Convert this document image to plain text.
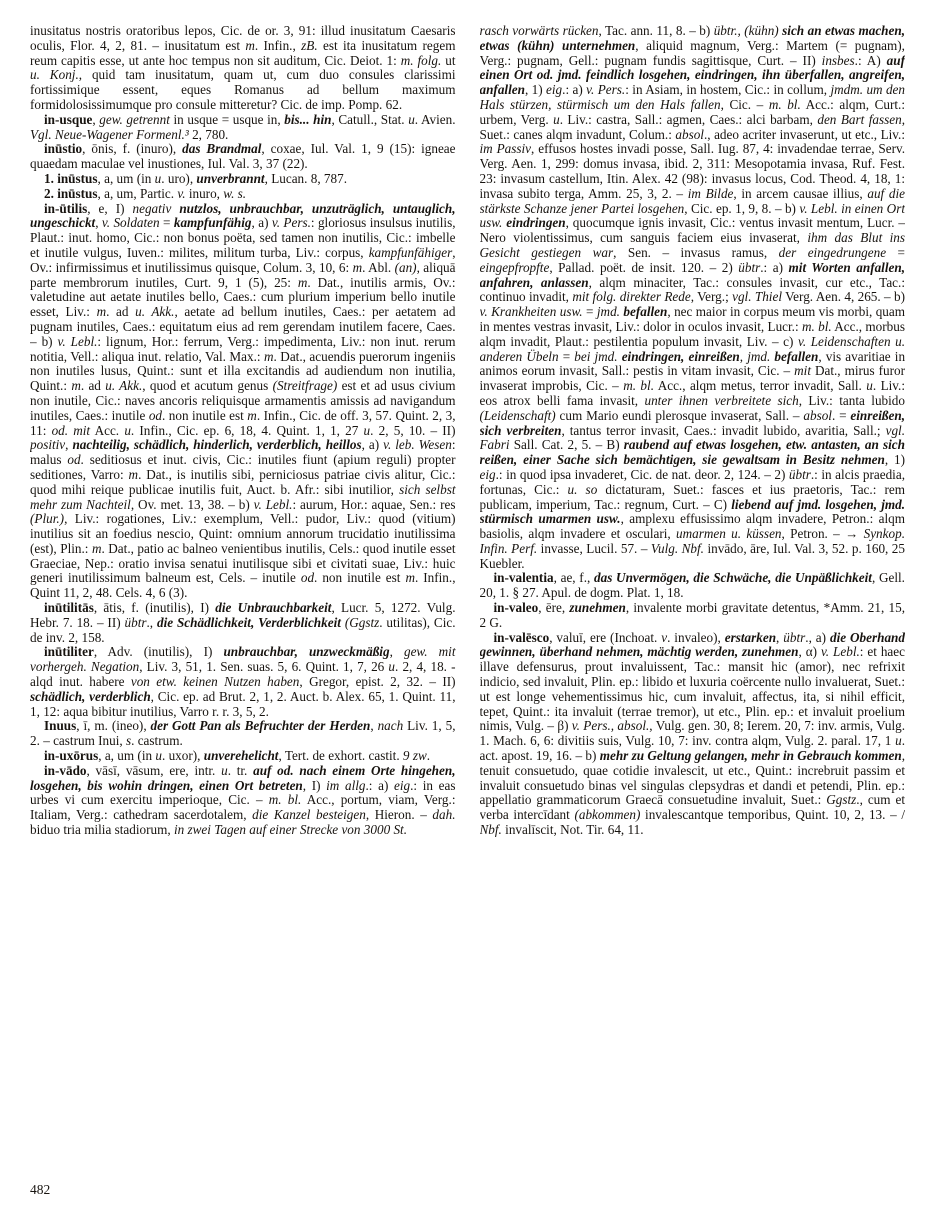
inusitatus nostris oratoribus lepos, Cic. de or. 3, 91: illud inusitatum Caesaris oculis, Flor. 4, 2, 81. – inusitatum est m. Infin., zB. est ita inusitatum regem reum capitis esse, ut ante hoc tempus non sit auditum, Cic. Deiot. 1: m. folg. ut u. Konj., quid tam inusitatum, quam ut, cum duo consules clarissimi fortissimique essent, eques Romanus ad bellum maximum formidolosissimumque pro consule mitteretur? Cic. de imp. Pomp. 62.

in-usque, gew. getrennt in usque = usque in, bis... hin, Catull., Stat. u. Avien. Vgl. Neue-Wagener Formenl.³ 2, 780.

inūstio, ōnis, f. (inuro), das Brandmal, coxae, Iul. Val. 1, 9 (15): igneae quaedam maculae vel inustiones, Iul. Val. 3, 37 (22).

1. inūstus, a, um (in u. uro), unverbrannt, Lucan. 8, 787.

2. inūstus, a, um, Partic. v. inuro, w. s.

in-ūtilis, e, I) negativ nutzlos, unbrauchbar, unzuträglich, untauglich, ungeschickt, v. Soldaten = kampfunfähig, a) v. Pers.: gloriosus insulsus inutilis, Plaut.: inut. homo, Cic.: non bonus poëta, sed tamen non inutilis, Cic.: imbelle et inutile vulgus, Iuven.: milites, militum turba, Liv.: corpus, kampfunfähiger, Ov.: infirmissimus et inutilissimus quisque, Colum. 3, 10, 6: m. Abl. (an), aliquā parte membrorum inutiles, Curt. 9, 1 (5), 25: m. Dat., inutilis armis, Ov.: valetudine aut aetate inutiles bello, Caes.: cum plurium imperium bello inutile esset, Liv.: m. ad u. Akk., aetate ad bellum inutiles, Caes.: per aetatem ad pugnam inutiles, Caes.: equitatum eius ad rem gerendam inutilem facere, Caes. – b) v. Lebl.: lignum, Hor.: ferrum, Verg.: impedimenta, Liv.: non inut. rerum notitia, Vell.: aliqua inut. relatio, Val. Max.: m. Dat., acuendis puerorum ingeniis non inutiles lusus, Quint.: sunt et illa excitandis ad audiendum non inutilia, Quint.: m. ad u. Akk., quod et acutum genus (Streitfrage) est et ad usus civium non inutile, Cic.: naves ancoris reliquisque armamentis amissis ad navigandum inutiles, Caes.: inutile od. non inutile est m. Infin., Cic. de off. 3, 57. Quint. 2, 3, 11: od. mit Acc. u. Infin., Cic. ep. 6, 18, 4. Quint. 1, 1, 27 u. 2, 5, 10. – II) positiv, nachteilig, schädlich, hinderlich, verderblich, heillos, a) v. leb. Wesen: malus od. seditiosus et inut. civis, Cic.: inutiles fiunt (apium reguli) propter seditiones, Varro: m. Dat., is inutilis sibi, perniciosus patriae civis alitur, Cic.: quod mihi reique publicae inutilis fuit, Auct. b. Afr.: sibi inutilior, sich selbst mehr zum Nachteil, Ov. met. 13, 38. – b) v. Lebl.: aurum, Hor.: aquae, Sen.: res (Plur.), Liv.: rogationes, Liv.: exemplum, Vell.: pudor, Liv.: quod (vitium) inutilius sit an foedius nescio, Quint: omnium annorum trucidatio inutilissima (est), Plin.: m. Dat., patio ac balneo venientibus inutilis, Cels.: quod inutile esset Graeciae, Nep.: oratio invisa senatui inutilisque sibi et civitati suae, Liv.: huic generi inutilissimum balneum est, Cels. – inutile od. non inutile est m. Infin., Quint 11, 2, 48. Cels. 4, 6 (3).

inūtilitās, ātis, f. (inutilis), I) die Unbrauchbarkeit, Lucr. 5, 1272. Vulg. Hebr. 7. 18. – II) übtr., die Schädlichkeit, Verderblichkeit (Ggstz. utilitas), Cic. de inv. 2, 158.

inūtiliter, Adv. (inutilis), I) unbrauchbar, unzweckmäßig, gew. mit vorhergeh. Negation, Liv. 3, 51, 1. Sen. suas. 5, 6. Quint. 1, 7, 26 u. 2, 4, 18. - alqd inut. habere von etw. keinen Nutzen haben, Gregor, epist. 2, 32. – II) schädlich, verderblich, Cic. ep. ad Brut. 2, 1, 2. Auct. b. Alex. 65, 1. Quint. 11, 1, 12: aqua bibitur inutilius, Varro r. r. 3, 5, 2.

Inuus, ī, m. (ineo), der Gott Pan als Befruchter der Herden, nach Liv. 1, 5, 2. – castrum Inui, s. castrum.

in-uxōrus, a, um (in u. uxor), unverehelicht, Tert. de exhort. castit. 9 zw.

in-vādo, vāsī, vāsum, ere, intr. u. tr. auf od. nach einem Orte hingehen, losgehen, bis wohin dringen, einen Ort betreten, I) im allg.: a) eig.: in eas urbes vi cum exercitu imperioque, Cic. – m. bl. Acc., portum, viam, Verg.: Italiam, Verg.: cathedram sacerdotalem, die Kanzel besteigen, Hieron. – dah. biduo tria milia stadiorum, in zwei Tagen auf einer Strecke von 3000 St.

rasch vorwärts rücken, Tac. ann. 11, 8. – b) übtr., (kühn) sich an etwas machen, etwas (kühn) unternehmen, aliquid magnum, Verg.: Martem (= pugnam), Verg.: pugnam, Gell.: pugnam fundis sagittisque, Curt. – II) insbes.: A) auf einen Ort od. jmd. feindlich losgehen, eindringen, ihn überfallen, angreifen, anfallen, 1) eig.: a) v. Pers.: in Asiam, in hostem, Cic.: in collum, jmdm. um den Hals stürzen, stürmisch um den Hals fallen, Cic. – m. bl. Acc.: alqm, Curt.: urbem, Verg. u. Liv.: castra, Sall.: agmen, Caes.: alci barbam, den Bart fassen, Suet.: canes alqm invadunt, Colum.: absol., adeo acriter invaserunt, ut etc., Liv.: im Passiv, effusos hostes invadi posse, Sall. Iug. 87, 4: invadendae terrae, Serv. Verg. Aen. 1, 299: domus invasa, ibid. 2, 311: Mesopotamia invasa, Ruf. Fest. 23: invasum castellum, Itin. Alex. 42 (98): invasus locus, Cod. Theod. 4, 18, 1: invasa subito terga, Amm. 25, 3, 2. – im Bilde, in arcem causae illius, auf die stärkste Schanze jener Partei losgehen, Cic. ep. 1, 9, 8. – b) v. Lebl. in einen Ort usw. eindringen, quocumque ignis invasit, Cic.: ventus invasit mentum, Lucr. – Nero violentissimus, cum sanguis faciem eius invaserat, ihm das Blut ins Gesicht gestiegen war, Sen. – invasus ramus, der eingedrungene = eingepfropfte, Pallad. poët. de insit. 120. – 2) übtr.: a) mit Worten anfallen, anfahren, anlassen, alqm minaciter, Tac.: consules invasit, cur etc., Tac.: continuo invadit, mit folg. direkter Rede, Verg.; vgl. Thiel Verg. Aen. 4, 265. – b) v. Krankheiten usw. = jmd. befallen, nec maior in corpus meum vis morbi, quam in mentes vestras invasit, Liv.: dolor in oculos invasit, Lucr.: m. bl. Acc., morbus alqm invadit, Plaut.: pestilentia populum invasit, Liv. – c) v. Leidenschaften u. anderen Übeln = bei jmd. eindringen, einreißen, jmd. befallen, vis avaritiae in animos eorum invasit, Sall.: pestis in vitam invasit, Cic. – mit Dat., mirus furor invaserat improbis, Cic. – m. bl. Acc., alqm metus, terror invadit, Sall. u. Liv.: eos atrox belli fama invasit, unter ihnen verbreitete sich, Liv.: tanta lubido (Leidenschaft) cum Mario eundi plerosque invaserat, Sall. – absol. = einreißen, sich verbreiten, tantus terror invasit, Caes.: invadit lubido, avaritia, Sall.; vgl. Fabri Sall. Cat. 2, 5. – B) raubend auf etwas losgehen, etw. antasten, an sich reißen, einer Sache sich bemächtigen, sie gewaltsam in Besitz nehmen, 1) eig.: in quod ipsa invaderet, Cic. de nat. deor. 2, 124. – 2) übtr.: in alcis praedia, fortunas, Cic.: u. so dictaturam, Suet.: fasces et ius praetoris, Tac.: rem publicam, imperium, Tac.: regnum, Curt. – C) liebend auf jmd. losgehen, jmd. stürmisch umarmen usw., amplexu effusissimo alqm invadere, Petron.: alqm basiolis, alqm invadere et osculari, umarmen u. küssen, Petron. – → Synkop. Infin. Perf. invasse, Lucil. 57. – Vulg. Nbf. invādo, āre, Iul. Val. 3, 52. p. 160, 25 Kuebler.

in-valentia, ae, f., das Unvermögen, die Schwäche, die Unpäßlichkeit, Gell. 20, 1. § 27. Apul. de dogm. Plat. 1, 18.

in-valeo, ēre, zunehmen, invalente morbi gravitate detentus, *Amm. 21, 15, 2 G.

in-valēsco, valuī, ere (Inchoat. v. invaleo), erstarken, übtr., a) die Oberhand gewinnen, überhand nehmen, mächtig werden, zunehmen, α) v. Lebl.: et haec illave defensurus, prout invaluissent, Tac.: mansit hic (amor), nec refrixit indicio, sed invaluit, Plin. ep.: libido et luxuria coërcente nullo invaluerat, Suet.: ut est longe vehementissimus hic, cum invaluit, affectus, ita, si nihil efficit, tepet, Quint.: ita invaluit (terrae tremor), ut etc., Plin. ep.: et invaluit proelium nimis, Vulg. – β) v. Pers., absol., Vulg. gen. 30, 8; Ierem. 20, 7: inv. armis, Vulg. 1. Mach. 6, 6: divitiis suis, Vulg. 10, 7: inv. contra alqm, Vulg. 2. paral. 17, 1 u. act. apost. 19, 16. – b) mehr zu Geltung gelangen, mehr in Gebrauch kommen, tenuit consuetudo, quae cotidie invalescit, ut etc., Quint.: increbruit passim et invaluit consuetudo binas vel singulas clepsydras et dandi et petendi, Plin. ep.: appellatio grammaticorum Graecā consuetudine invaluit, Suet.: Ggstz., cum et verba intercīdant (abkommen) invalescantque temporibus, Quint. 10, 2, 13. – / Nbf. invalīscit, Not. Tir. 64, 11.

482
